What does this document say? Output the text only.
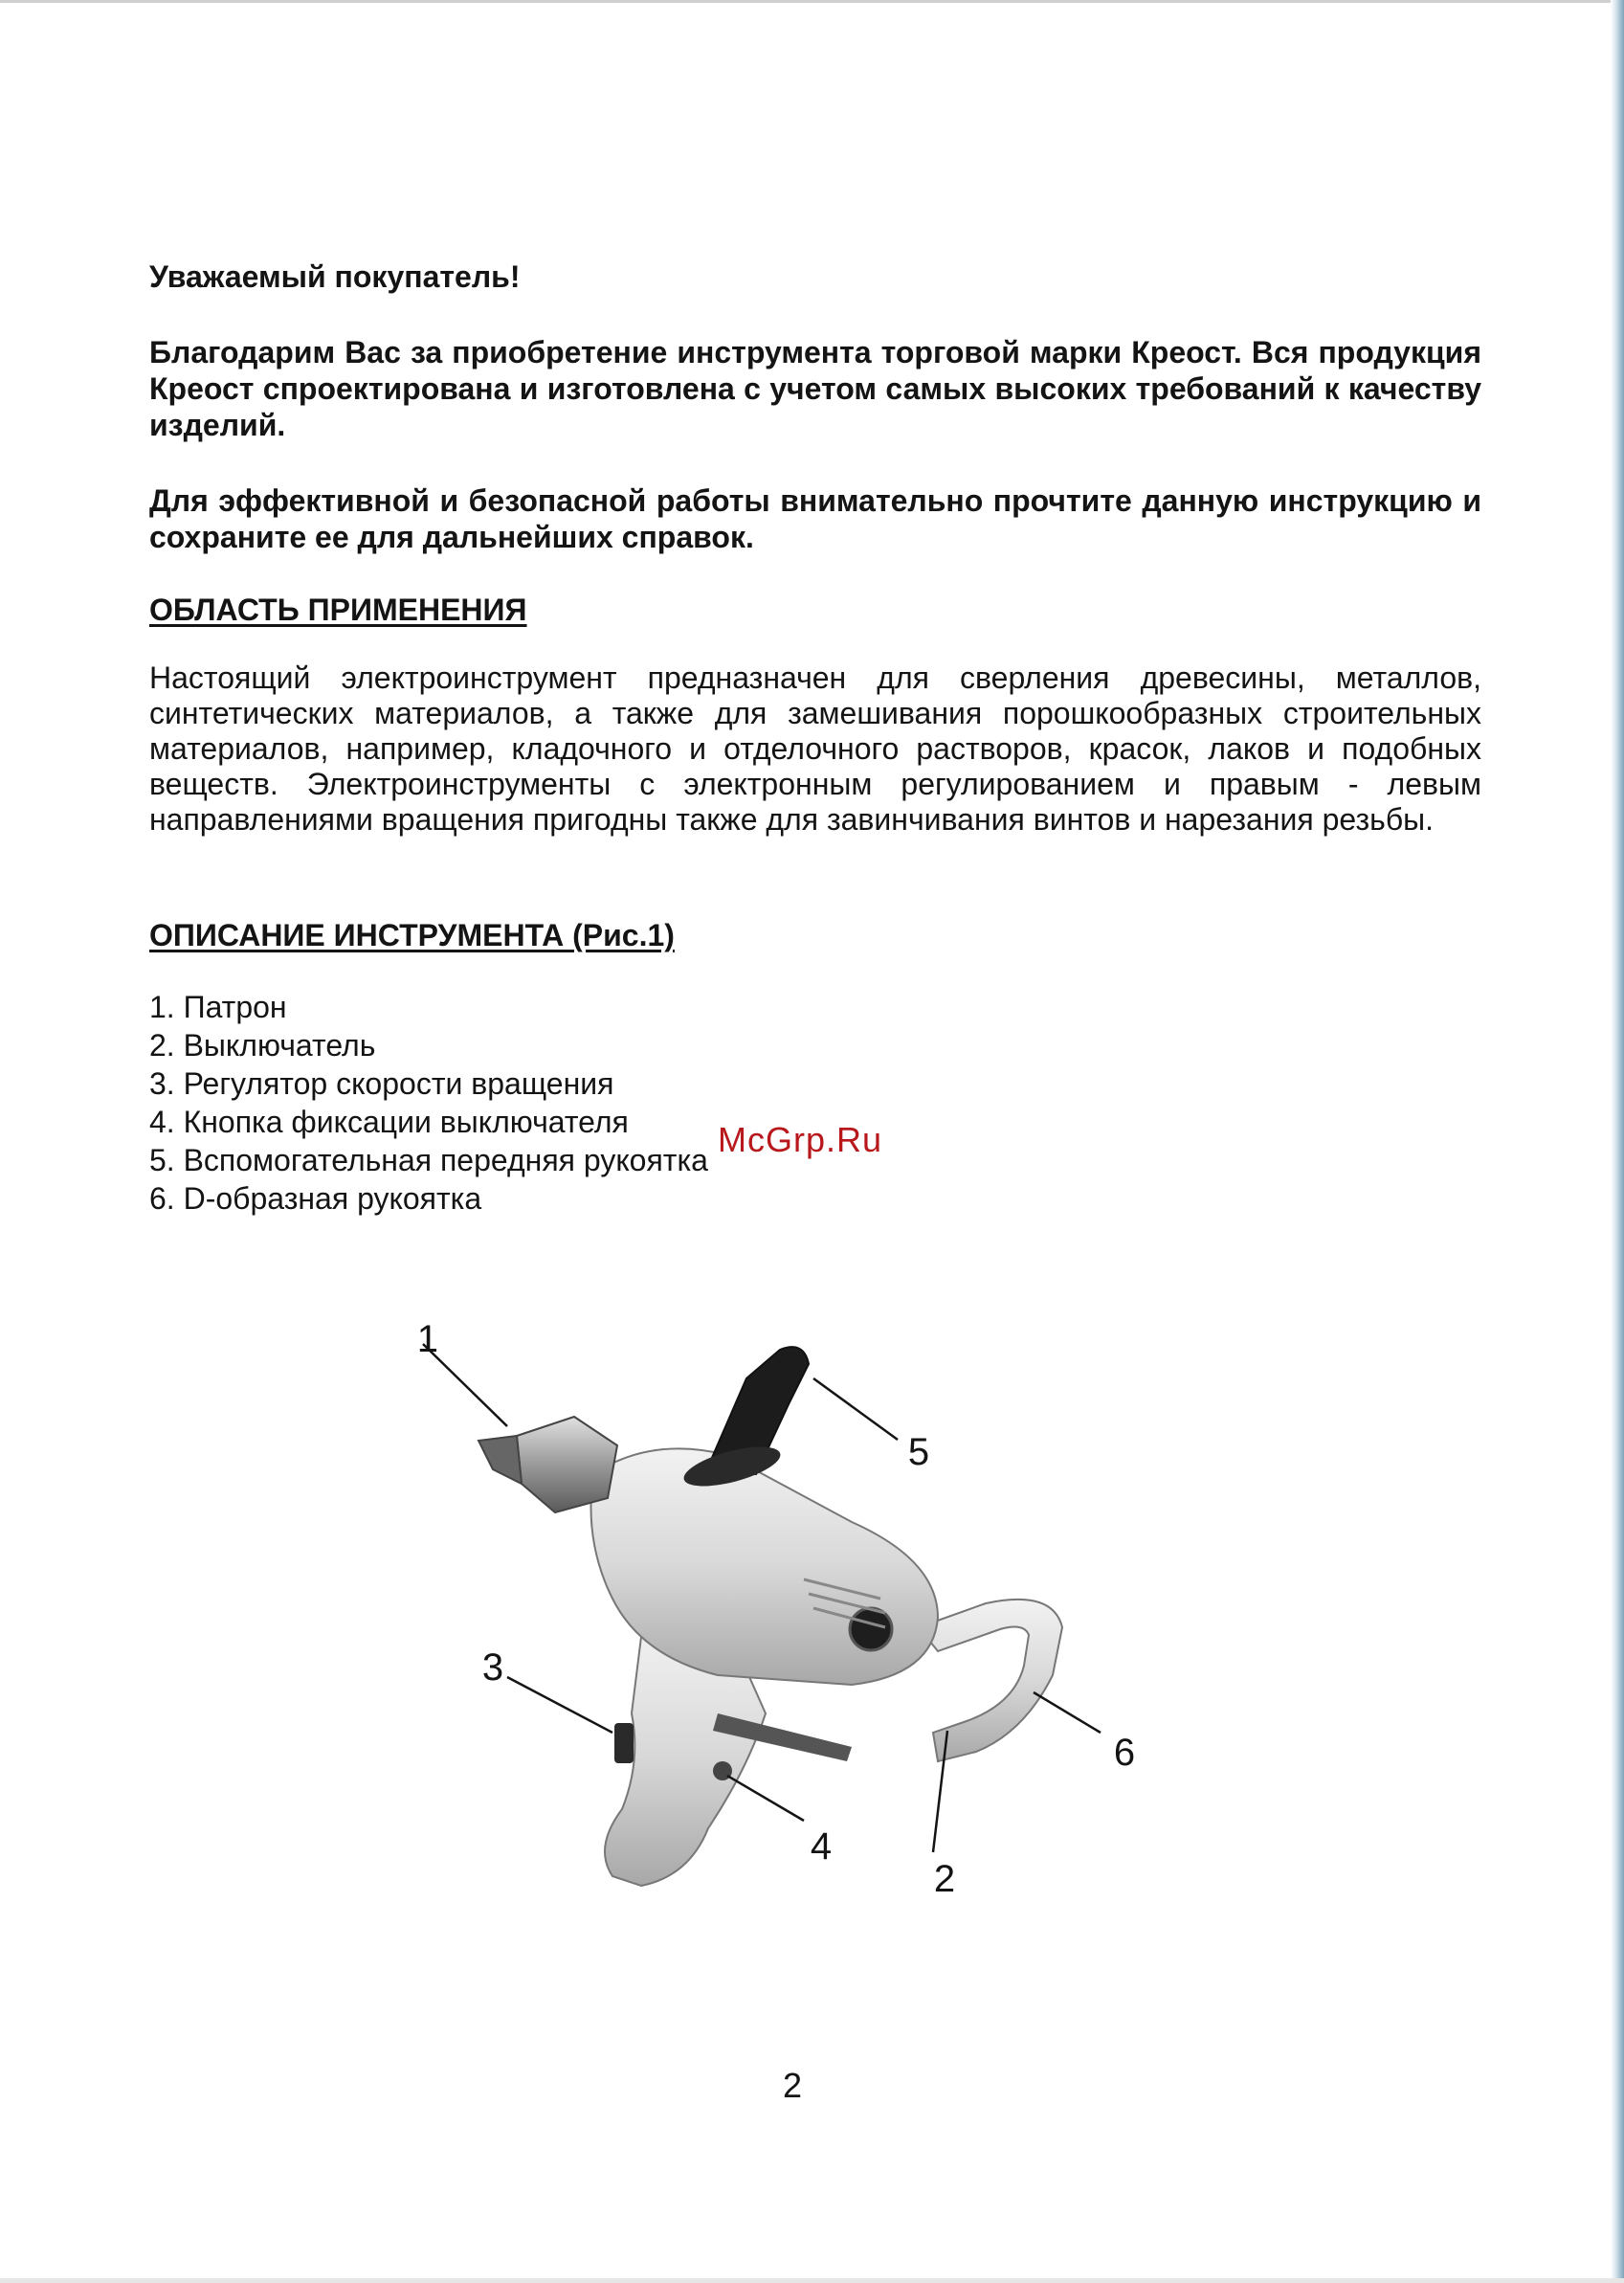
Уважаемый покупатель!

Благодарим Вас за приобретение инструмента торговой марки Креост. Вся продукция Креост спроектирована и изготовлена с учетом самых высоких требований к качеству изделий.

Для эффективной и безопасной работы внимательно прочтите данную инструкцию и сохраните ее для дальнейших справок.

ОБЛАСТЬ ПРИМЕНЕНИЯ

Настоящий электроинструмент предназначен для сверления древесины, металлов, синтетических материалов, а также для замешивания порошкообразных строительных материалов, например, кладочного и отделочного растворов, красок, лаков и подобных веществ. Электроинструменты с электронным регулированием и правым - левым направлениями вращения пригодны также для завинчивания винтов и нарезания резьбы.

ОПИСАНИЕ ИНСТРУМЕНТА (Рис.1)

1. Патрон
2. Выключатель
3. Регулятор скорости вращения
4. Кнопка фиксации выключателя
5. Вспомогательная передняя рукоятка
6. D-образная рукоятка
McGrp.Ru
1
2
3
4
5
6
2
